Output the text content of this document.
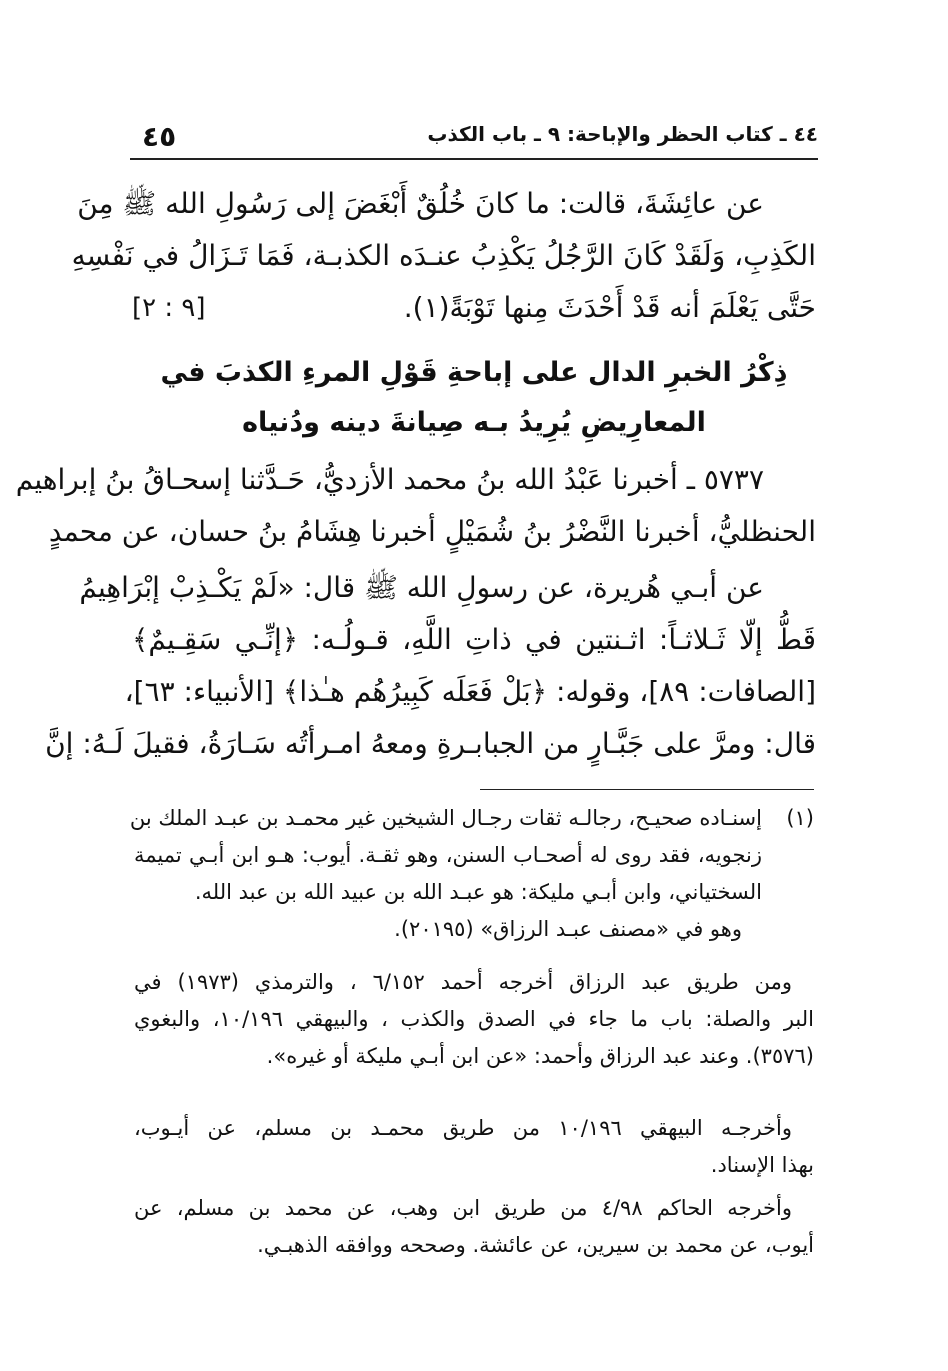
٤٤ ـ كتاب الحظر والإباحة: ٩ ـ باب الكذب
٤٥
عن عائِشَةَ، قالت: ما كانَ خُلُقٌ أَبْغَضَ إلى رَسُولِ الله ﷺ مِنَ
الكَذِبِ، وَلَقَدْ كَانَ الرَّجُلُ يَكْذِبُ عنـدَه الكذبـة، فَمَا تَـزَالُ في نَفْسِهِ
حَتَّى يَعْلَمَ أنه قَدْ أَحْدَثَ مِنها تَوْبَةً(١).
[٩ : ٢]
ذِكْرُ الخبرِ الدال على إباحةِ قَوْلِ المرءِ الكذبَ في
المعارِيضِ يُرِيدُ بـه صِيانةَ دينه ودُنياه
٥٧٣٧ ـ أخبرنا عَبْدُ الله بنُ محمد الأزديُّ، حَـدَّثنا إسحـاقُ بنُ إبراهيم
الحنظليُّ، أخبرنا النَّضْرُ بنُ شُمَيْلٍ أخبرنا هِشَامُ بنُ حسان، عن محمدٍ
عن أبـي هُريرة، عن رسولِ الله ﷺ قال: «لَمْ يَكْـذِبْ إبْرَاهِيمُ
قَطُّ إلّا ثَـلاثـاً: اثـنتين في ذاتِ اللَّهِ، قـولُـه: ﴿إنِّـي سَقِـيمٌ﴾
[الصافات: ٨٩]، وقوله: ﴿بَلْ فَعَلَه كَبِيرُهُم هـٰذا﴾ [الأنبياء: ٦٣]،
قال: ومرَّ على جَبَّـارٍ من الجبابـرةِ ومعهُ امـرأتُه سَـارَةُ، فقيلَ لَـهُ: إنَّ
(١)
إسنـاده صحيـح، رجالـه ثقات رجـال الشيخين غير محمـد بن عبـد الملك بن
زنجويه، فقد روى له أصحـاب السنن، وهو ثقـة. أيوب: هـو ابن أبـي تميمة
السختياني، وابن أبـي مليكة: هو عبـد الله بن عبيد الله بن عبد الله.
وهو في «مصنف عبـد الرزاق» (٢٠١٩٥).
ومن طريق عبد الرزاق أخرجه أحمد ٦/١٥٢ ، والترمذي (١٩٧٣) في
البر والصلة: باب ما جاء في الصدق والكذب ، والبيهقي ١٠/١٩٦، والبغوي
(٣٥٧٦). وعند عبد الرزاق وأحمد: «عن ابن أبـي مليكة أو غيره».
وأخرجـه البيهقي ١٠/١٩٦ من طريق محمـد بن مسلم، عن أيـوب،
بهذا الإسناد.
وأخرجه الحاكم ٤/٩٨ من طريق ابن وهب، عن محمد بن مسلم، عن
أيوب، عن محمد بن سيرين، عن عائشة. وصححه ووافقه الذهبـي.
